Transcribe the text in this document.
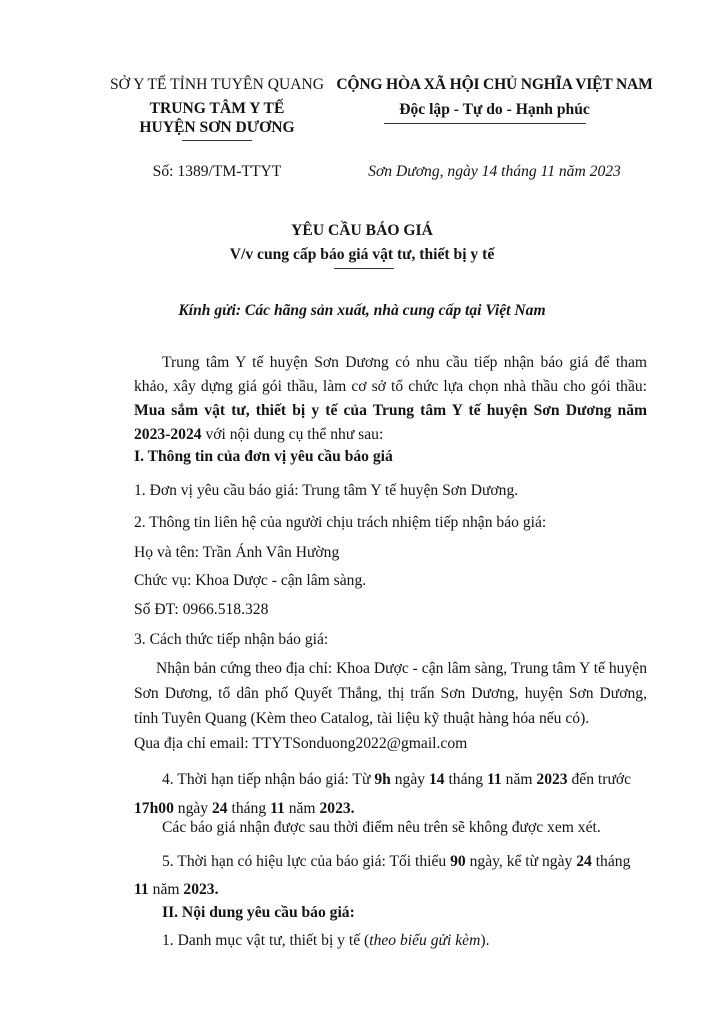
SỞ Y TẾ TỈNH TUYÊN QUANG
TRUNG TÂM Y TẾ
HUYỆN SƠN DƯƠNG
Số: 1389/TM-TTYT
CỘNG HÒA XÃ HỘI CHỦ NGHĨA VIỆT NAM
Độc lập - Tự do - Hạnh phúc
Sơn Dương, ngày 14 tháng 11 năm 2023
YÊU CẦU BÁO GIÁ
V/v cung cấp báo giá vật tư, thiết bị y tế
Kính gửi: Các hãng sản xuất, nhà cung cấp tại Việt Nam
Trung tâm Y tế huyện Sơn Dương có nhu cầu tiếp nhận báo giá để tham khảo, xây dựng giá gói thầu, làm cơ sở tổ chức lựa chọn nhà thầu cho gói thầu: Mua sắm vật tư, thiết bị y tế của Trung tâm Y tế huyện Sơn Dương năm 2023-2024 với nội dung cụ thể như sau:
I. Thông tin của đơn vị yêu cầu báo giá
1. Đơn vị yêu cầu báo giá: Trung tâm Y tế huyện Sơn Dương.
2. Thông tin liên hệ của người chịu trách nhiệm tiếp nhận báo giá:
Họ và tên: Trần Ánh Vân Hường
Chức vụ: Khoa Dược - cận lâm sàng.
Số ĐT: 0966.518.328
3. Cách thức tiếp nhận báo giá:
Nhận bản cứng theo địa chỉ: Khoa Dược - cận lâm sàng, Trung tâm Y tế huyện Sơn Dương, tổ dân phố Quyết Thắng, thị trấn Sơn Dương, huyện Sơn Dương, tỉnh Tuyên Quang (Kèm theo Catalog, tài liệu kỹ thuật hàng hóa nếu có).
Qua địa chỉ email: TTYTSonduong2022@gmail.com
4. Thời hạn tiếp nhận báo giá: Từ 9h ngày 14 tháng 11 năm 2023 đến trước 17h00 ngày 24 tháng 11 năm 2023.
Các báo giá nhận được sau thời điểm nêu trên sẽ không được xem xét.
5. Thời hạn có hiệu lực của báo giá: Tối thiểu 90 ngày, kể từ ngày 24 tháng 11 năm 2023.
II. Nội dung yêu cầu báo giá:
1. Danh mục vật tư, thiết bị y tế (theo biểu gửi kèm).
